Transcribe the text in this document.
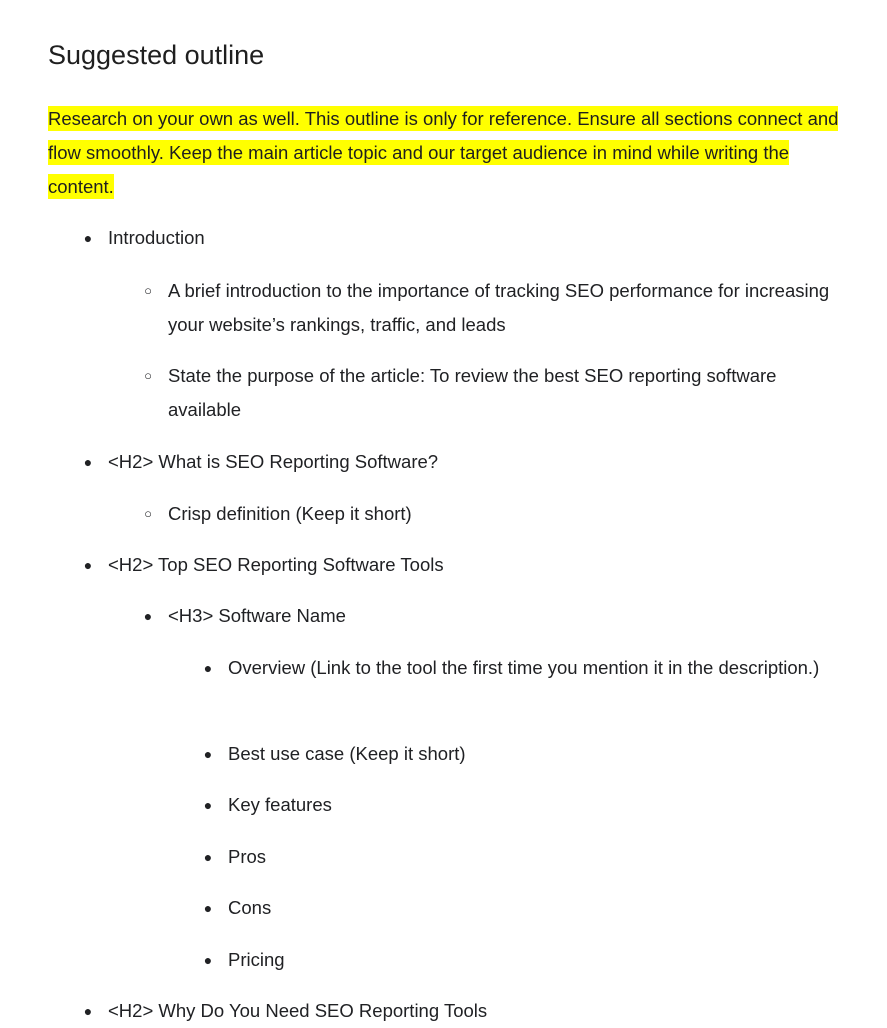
Suggested outline
Research on your own as well. This outline is only for reference. Ensure all sections connect and flow smoothly. Keep the main article topic and our target audience in mind while writing the content.
● Introduction
○ A brief introduction to the importance of tracking SEO performance for increasing your website’s rankings, traffic, and leads
○ State the purpose of the article: To review the best SEO reporting software available
● <H2> What is SEO Reporting Software?
○ Crisp definition (Keep it short)
● <H2> Top SEO Reporting Software Tools
● <H3> Software Name
● Overview (Link to the tool the first time you mention it in the description.)
● Best use case (Keep it short)
● Key features
● Pros
● Cons
● Pricing
● <H2> Why Do You Need SEO Reporting Tools
